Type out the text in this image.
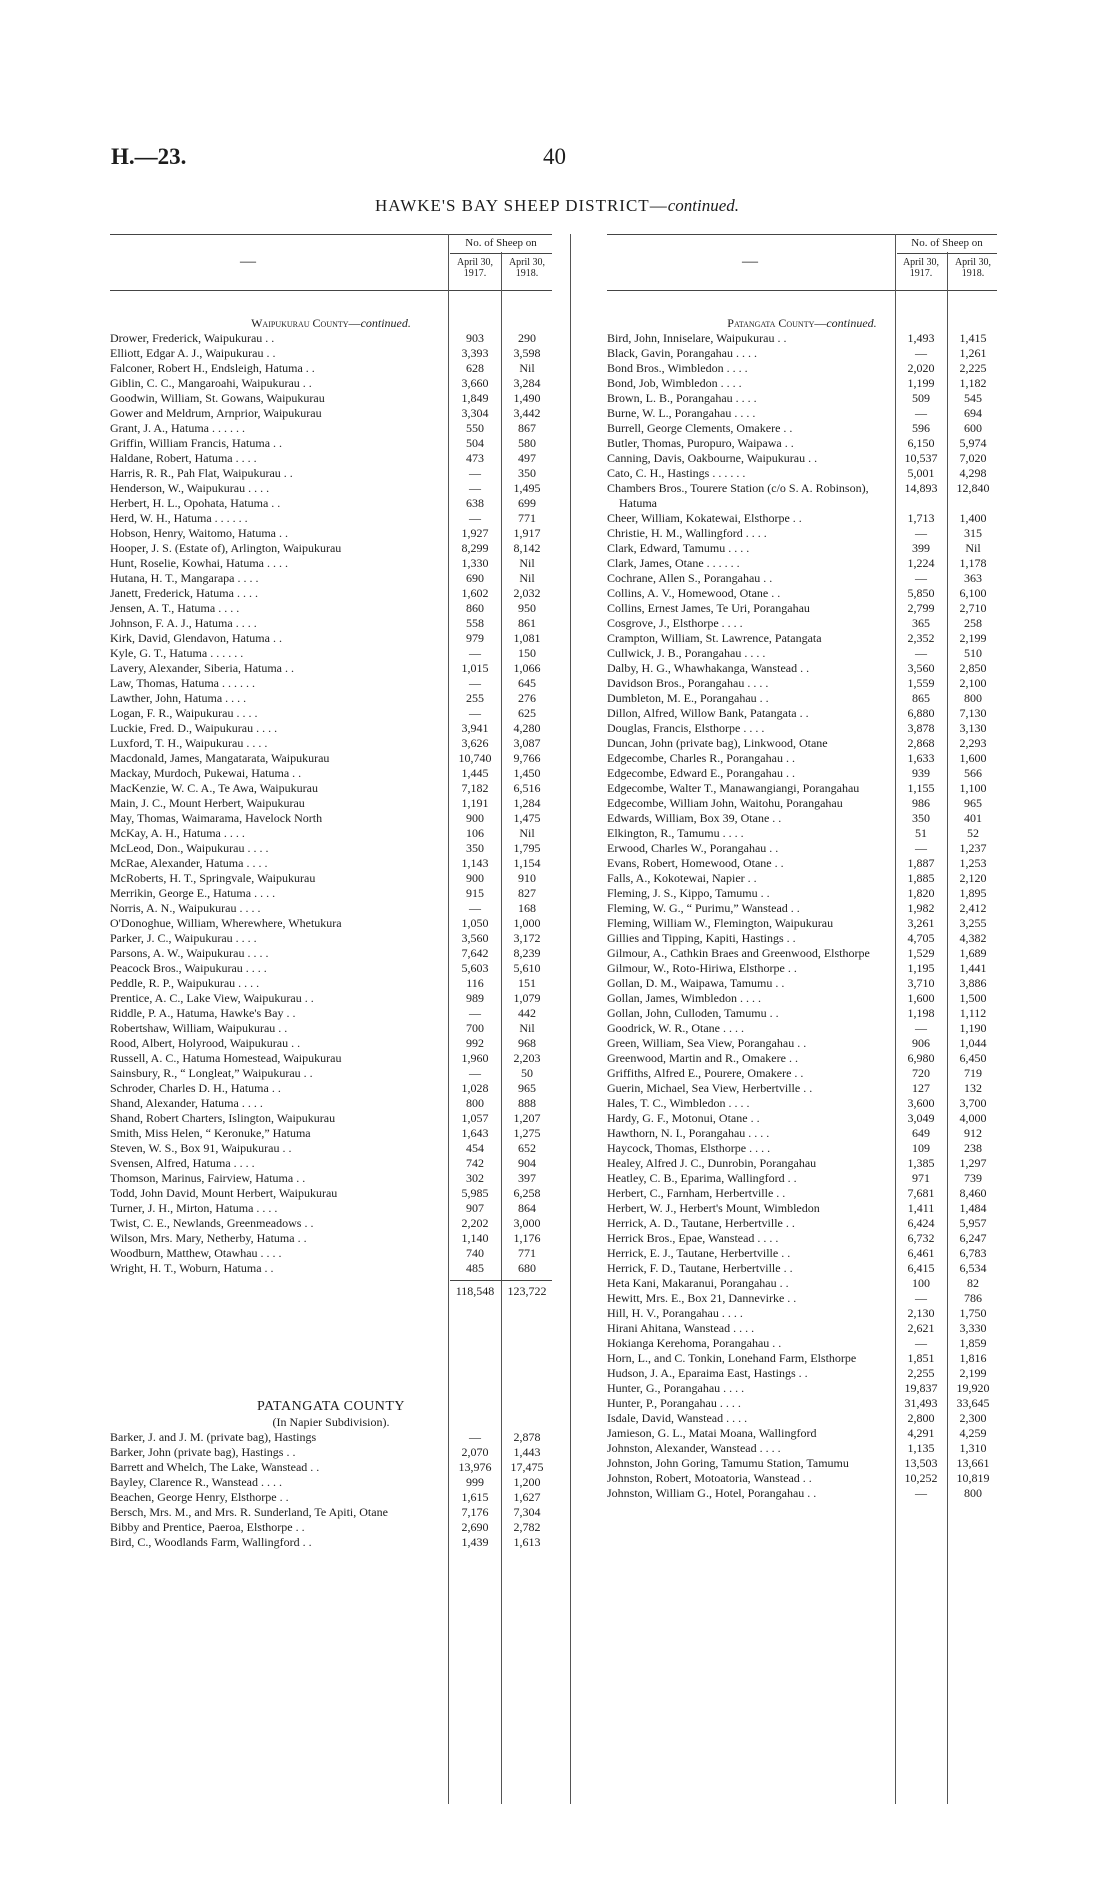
H.—23.	40
HAWKE'S BAY SHEEP DISTRICT—continued.
—
No. of Sheep on
April 30, 1917.
April 30, 1918.
Waipukurau County—continued.
Drower, Frederick, Waipukurau . .	903	290
Elliott, Edgar A. J., Waipukurau . .	3,393	3,598
Falconer, Robert H., Endsleigh, Hatuma . .	628	Nil
Giblin, C. C., Mangaroahi, Waipukurau . .	3,660	3,284
Goodwin, William, St. Gowans, Waipukurau	1,849	1,490
Gower and Meldrum, Arnprior, Waipukurau	3,304	3,442
Grant, J. A., Hatuma . . . . . .	550	867
Griffin, William Francis, Hatuma . .	504	580
Haldane, Robert, Hatuma . . . .	473	497
Harris, R. R., Pah Flat, Waipukurau . .	—	350
Henderson, W., Waipukurau . . . .	—	1,495
Herbert, H. L., Opohata, Hatuma . .	638	699
Herd, W. H., Hatuma . . . . . .	—	771
Hobson, Henry, Waitomo, Hatuma . .	1,927	1,917
Hooper, J. S. (Estate of), Arlington, Waipukurau	8,299	8,142
Hunt, Roselie, Kowhai, Hatuma . . . .	1,330	Nil
Hutana, H. T., Mangarapa . . . .	690	Nil
Janett, Frederick, Hatuma . . . .	1,602	2,032
Jensen, A. T., Hatuma . . . .	860	950
Johnson, F. A. J., Hatuma . . . .	558	861
Kirk, David, Glendavon, Hatuma . .	979	1,081
Kyle, G. T., Hatuma . . . . . .	—	150
Lavery, Alexander, Siberia, Hatuma . .	1,015	1,066
Law, Thomas, Hatuma . . . . . .	—	645
Lawther, John, Hatuma . . . .	255	276
Logan, F. R., Waipukurau . . . .	—	625
Luckie, Fred. D., Waipukurau . . . .	3,941	4,280
Luxford, T. H., Waipukurau . . . .	3,626	3,087
Macdonald, James, Mangatarata, Waipukurau	10,740	9,766
Mackay, Murdoch, Pukewai, Hatuma . .	1,445	1,450
MacKenzie, W. C. A., Te Awa, Waipukurau	7,182	6,516
Main, J. C., Mount Herbert, Waipukurau	1,191	1,284
May, Thomas, Waimarama, Havelock North	900	1,475
McKay, A. H., Hatuma . . . .	106	Nil
McLeod, Don., Waipukurau . . . .	350	1,795
McRae, Alexander, Hatuma . . . .	1,143	1,154
McRoberts, H. T., Springvale, Waipukurau	900	910
Merrikin, George E., Hatuma . . . .	915	827
Norris, A. N., Waipukurau . . . .	—	168
O'Donoghue, William, Wherewhere, Whetukura	1,050	1,000
Parker, J. C., Waipukurau . . . .	3,560	3,172
Parsons, A. W., Waipukurau . . . .	7,642	8,239
Peacock Bros., Waipukurau . . . .	5,603	5,610
Peddle, R. P., Waipukurau . . . .	116	151
Prentice, A. C., Lake View, Waipukurau . .	989	1,079
Riddle, P. A., Hatuma, Hawke's Bay . .	—	442
Robertshaw, William, Waipukurau . .	700	Nil
Rood, Albert, Holyrood, Waipukurau . .	992	968
Russell, A. C., Hatuma Homestead, Waipukurau	1,960	2,203
Sainsbury, R., “ Longleat,” Waipukurau . .	—	50
Schroder, Charles D. H., Hatuma . .	1,028	965
Shand, Alexander, Hatuma . . . .	800	888
Shand, Robert Charters, Islington, Waipukurau	1,057	1,207
Smith, Miss Helen, “ Keronuke,” Hatuma	1,643	1,275
Steven, W. S., Box 91, Waipukurau . .	454	652
Svensen, Alfred, Hatuma . . . .	742	904
Thomson, Marinus, Fairview, Hatuma . .	302	397
Todd, John David, Mount Herbert, Waipukurau	5,985	6,258
Turner, J. H., Mirton, Hatuma . . . .	907	864
Twist, C. E., Newlands, Greenmeadows . .	2,202	3,000
Wilson, Mrs. Mary, Netherby, Hatuma . .	1,140	1,176
Woodburn, Matthew, Otawhau . . . .	740	771
Wright, H. T., Woburn, Hatuma . .	485	680
118,548	123,722
PATANGATA COUNTY
(In Napier Subdivision).
Barker, J. and J. M. (private bag), Hastings	—	2,878
Barker, John (private bag), Hastings . .	2,070	1,443
Barrett and Whelch, The Lake, Wanstead . .	13,976	17,475
Bayley, Clarence R., Wanstead . . . .	999	1,200
Beachen, George Henry, Elsthorpe . .	1,615	1,627
Bersch, Mrs. M., and Mrs. R. Sunderland, Te Apiti, Otane	7,176	7,304
Bibby and Prentice, Paeroa, Elsthorpe . .	2,690	2,782
Bird, C., Woodlands Farm, Wallingford . .	1,439	1,613
—
No. of Sheep on
April 30, 1917.
April 30, 1918.
Patangata County—continued.
Bird, John, Inniselare, Waipukurau . .	1,493	1,415
Black, Gavin, Porangahau . . . .	—	1,261
Bond Bros., Wimbledon . . . .	2,020	2,225
Bond, Job, Wimbledon . . . .	1,199	1,182
Brown, L. B., Porangahau . . . .	509	545
Burne, W. L., Porangahau . . . .	—	694
Burrell, George Clements, Omakere . .	596	600
Butler, Thomas, Puropuro, Waipawa . .	6,150	5,974
Canning, Davis, Oakbourne, Waipukurau . .	10,537	7,020
Cato, C. H., Hastings . . . . . .	5,001	4,298
Chambers Bros., Tourere Station (c/o S. A. Robinson), Hatuma
14,893	12,840
Cheer, William, Kokatewai, Elsthorpe . .	1,713	1,400
Christie, H. M., Wallingford . . . .	—	315
Clark, Edward, Tamumu . . . .	399	Nil
Clark, James, Otane . . . . . .	1,224	1,178
Cochrane, Allen S., Porangahau . .	—	363
Collins, A. V., Homewood, Otane . .	5,850	6,100
Collins, Ernest James, Te Uri, Porangahau	2,799	2,710
Cosgrove, J., Elsthorpe . . . .	365	258
Crampton, William, St. Lawrence, Patangata	2,352	2,199
Cullwick, J. B., Porangahau . . . .	—	510
Dalby, H. G., Whawhakanga, Wanstead . .	3,560	2,850
Davidson Bros., Porangahau . . . .	1,559	2,100
Dumbleton, M. E., Porangahau . .	865	800
Dillon, Alfred, Willow Bank, Patangata . .	6,880	7,130
Douglas, Francis, Elsthorpe . . . .	3,878	3,130
Duncan, John (private bag), Linkwood, Otane	2,868	2,293
Edgecombe, Charles R., Porangahau . .	1,633	1,600
Edgecombe, Edward E., Porangahau . .	939	566
Edgecombe, Walter T., Manawangiangi, Porangahau	1,155	1,100
Edgecombe, William John, Waitohu, Porangahau	986	965
Edwards, William, Box 39, Otane . .	350	401
Elkington, R., Tamumu . . . .	51	52
Erwood, Charles W., Porangahau . .	—	1,237
Evans, Robert, Homewood, Otane . .	1,887	1,253
Falls, A., Kokotewai, Napier . .	1,885	2,120
Fleming, J. S., Kippo, Tamumu . .	1,820	1,895
Fleming, W. G., “ Purimu,” Wanstead . .	1,982	2,412
Fleming, William W., Flemington, Waipukurau	3,261	3,255
Gillies and Tipping, Kapiti, Hastings . .	4,705	4,382
Gilmour, A., Cathkin Braes and Greenwood, Elsthorpe	1,529	1,689
Gilmour, W., Roto-Hiriwa, Elsthorpe . .	1,195	1,441
Gollan, D. M., Waipawa, Tamumu . .	3,710	3,886
Gollan, James, Wimbledon . . . .	1,600	1,500
Gollan, John, Culloden, Tamumu . .	1,198	1,112
Goodrick, W. R., Otane . . . .	—	1,190
Green, William, Sea View, Porangahau . .	906	1,044
Greenwood, Martin and R., Omakere . .	6,980	6,450
Griffiths, Alfred E., Pourere, Omakere . .	720	719
Guerin, Michael, Sea View, Herbertville . .	127	132
Hales, T. C., Wimbledon . . . .	3,600	3,700
Hardy, G. F., Motonui, Otane . .	3,049	4,000
Hawthorn, N. I., Porangahau . . . .	649	912
Haycock, Thomas, Elsthorpe . . . .	109	238
Healey, Alfred J. C., Dunrobin, Porangahau	1,385	1,297
Heatley, C. B., Eparima, Wallingford . .	971	739
Herbert, C., Farnham, Herbertville . .	7,681	8,460
Herbert, W. J., Herbert's Mount, Wimbledon	1,411	1,484
Herrick, A. D., Tautane, Herbertville . .	6,424	5,957
Herrick Bros., Epae, Wanstead . . . .	6,732	6,247
Herrick, E. J., Tautane, Herbertville . .	6,461	6,783
Herrick, F. D., Tautane, Herbertville . .	6,415	6,534
Heta Kani, Makaranui, Porangahau . .	100	82
Hewitt, Mrs. E., Box 21, Dannevirke . .	—	786
Hill, H. V., Porangahau . . . .	2,130	1,750
Hirani Ahitana, Wanstead . . . .	2,621	3,330
Hokianga Kerehoma, Porangahau . .	—	1,859
Horn, L., and C. Tonkin, Lonehand Farm, Elsthorpe	1,851	1,816
Hudson, J. A., Eparaima East, Hastings . .	2,255	2,199
Hunter, G., Porangahau . . . .	19,837	19,920
Hunter, P., Porangahau . . . .	31,493	33,645
Isdale, David, Wanstead . . . .	2,800	2,300
Jamieson, G. L., Matai Moana, Wallingford	4,291	4,259
Johnston, Alexander, Wanstead . . . .	1,135	1,310
Johnston, John Goring, Tamumu Station, Tamumu	13,503	13,661
Johnston, Robert, Motoatoria, Wanstead . .	10,252	10,819
Johnston, William G., Hotel, Porangahau . .	—	800
